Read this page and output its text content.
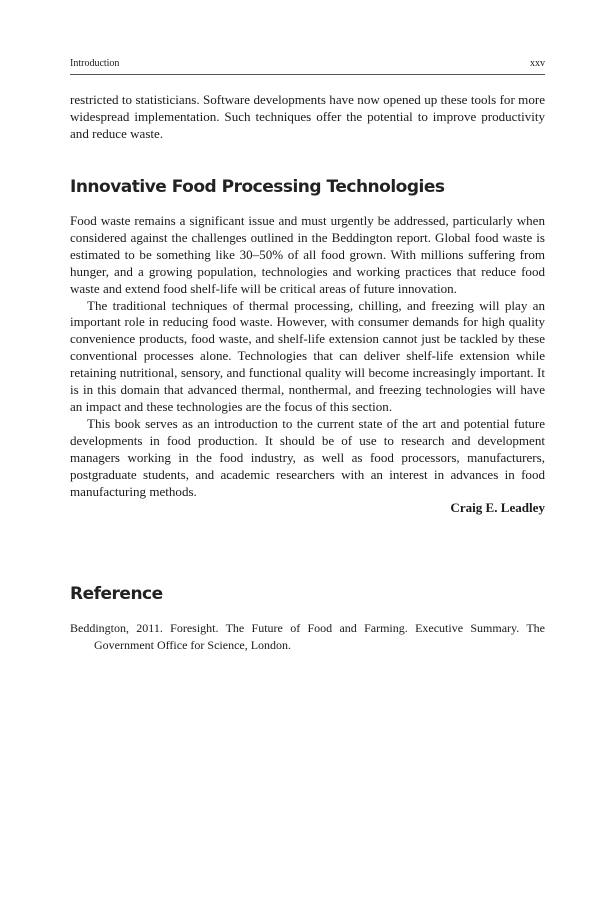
Introduction	xxv

restricted to statisticians. Software developments have now opened up these tools for more widespread implementation. Such techniques offer the potential to improve productivity and reduce waste.

Innovative Food Processing Technologies

Food waste remains a significant issue and must urgently be addressed, particularly when considered against the challenges outlined in the Beddington report. Global food waste is estimated to be something like 30–50% of all food grown. With millions suffering from hunger, and a growing population, technologies and working practices that reduce food waste and extend food shelf-life will be critical areas of future innovation.

The traditional techniques of thermal processing, chilling, and freezing will play an important role in reducing food waste. However, with consumer demands for high quality convenience products, food waste, and shelf-life extension cannot just be tackled by these conventional processes alone. Technologies that can deliver shelf-life extension while retaining nutritional, sensory, and functional quality will become increasingly important. It is in this domain that advanced thermal, nonthermal, and freezing technologies will have an impact and these technologies are the focus of this section.

This book serves as an introduction to the current state of the art and potential future developments in food production. It should be of use to research and development managers working in the food industry, as well as food processors, manufacturers, postgraduate students, and academic researchers with an interest in advances in food manufacturing methods.

Craig E. Leadley

Reference

Beddington, 2011. Foresight. The Future of Food and Farming. Executive Summary. The Government Office for Science, London.
